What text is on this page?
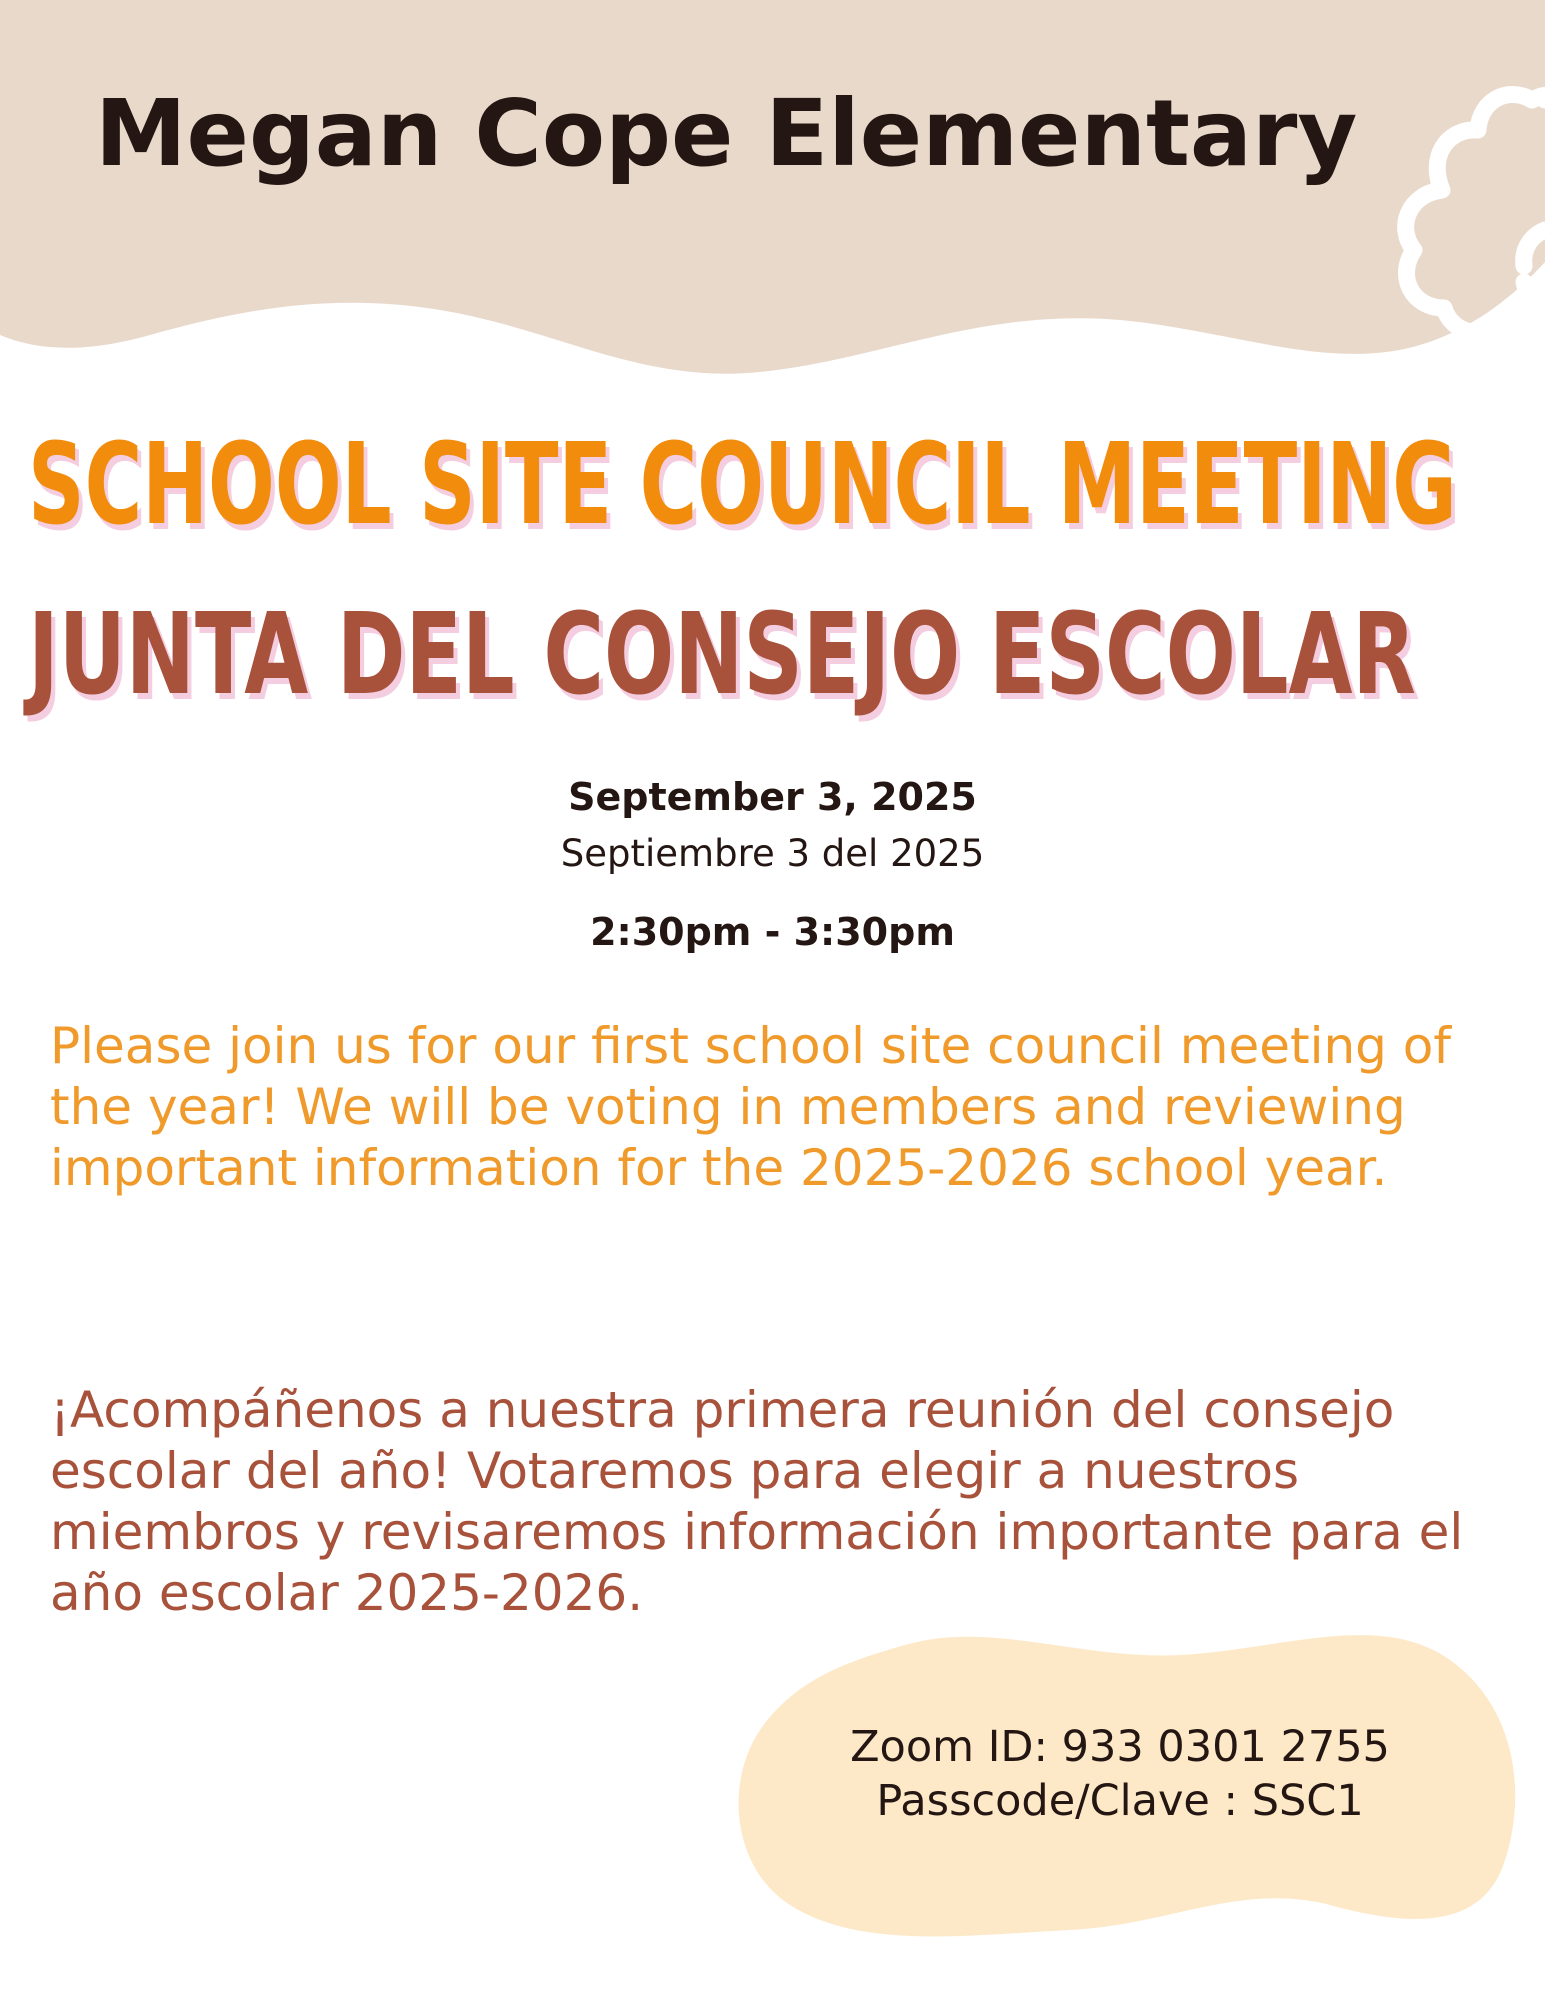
Megan Cope Elementary
SCHOOL SITE COUNCIL MEETING
JUNTA DEL CONSEJO ESCOLAR
September 3, 2025
Septiembre 3 del 2025
2:30pm - 3:30pm

Please join us for our first school site council meeting of the year! We will be voting in members and reviewing important information for the 2025-2026 school year.

¡Acompáñenos a nuestra primera reunión del consejo escolar del año! Votaremos para elegir a nuestros miembros y revisaremos información importante para el año escolar 2025-2026.

Zoom ID: 933 0301 2755
Passcode/Clave : SSC1
